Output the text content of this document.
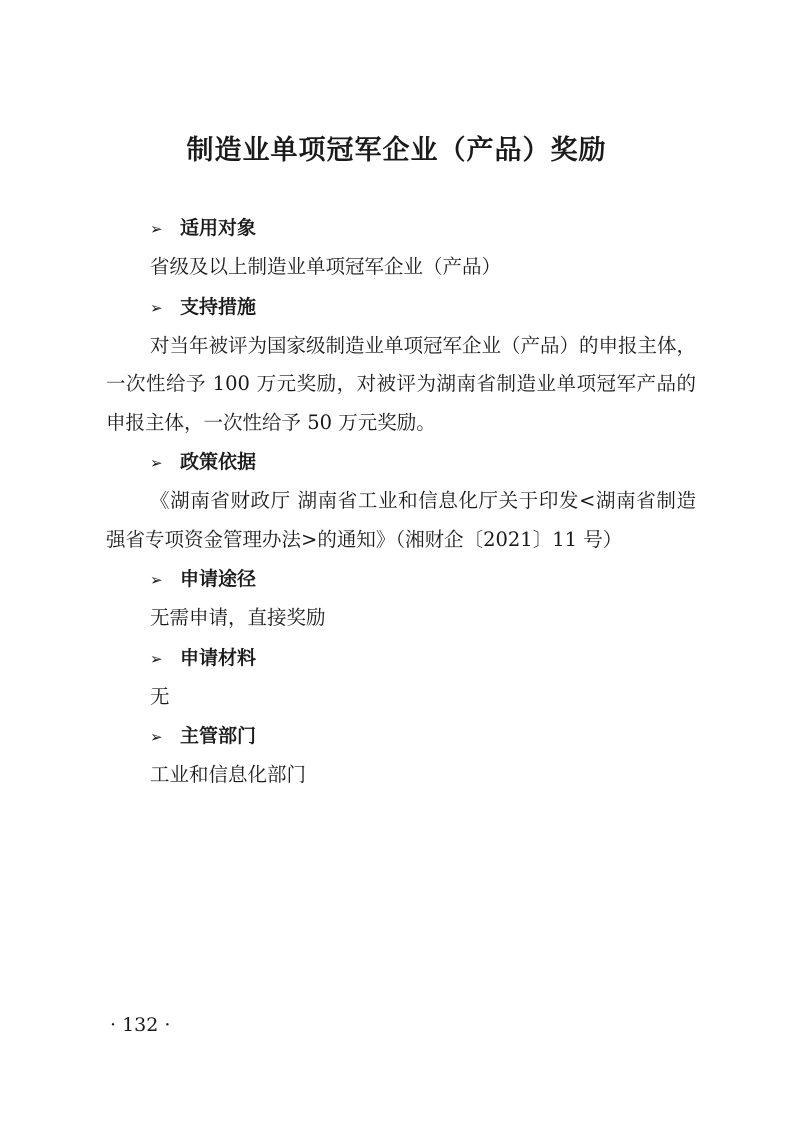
制造业单项冠军企业（产品）奖励
➢ 适用对象

省级及以上制造业单项冠军企业（产品）

➢ 支持措施

对当年被评为国家级制造业单项冠军企业（产品）的申报主体，一次性给予 100 万元奖励，对被评为湖南省制造业单项冠军产品的申报主体，一次性给予 50 万元奖励。

➢ 政策依据

《湖南省财政厅 湖南省工业和信息化厅关于印发<湖南省制造强省专项资金管理办法>的通知》（湘财企〔2021〕11 号）

➢ 申请途径

无需申请，直接奖励

➢ 申请材料

无

➢ 主管部门

工业和信息化部门

· 132 ·
